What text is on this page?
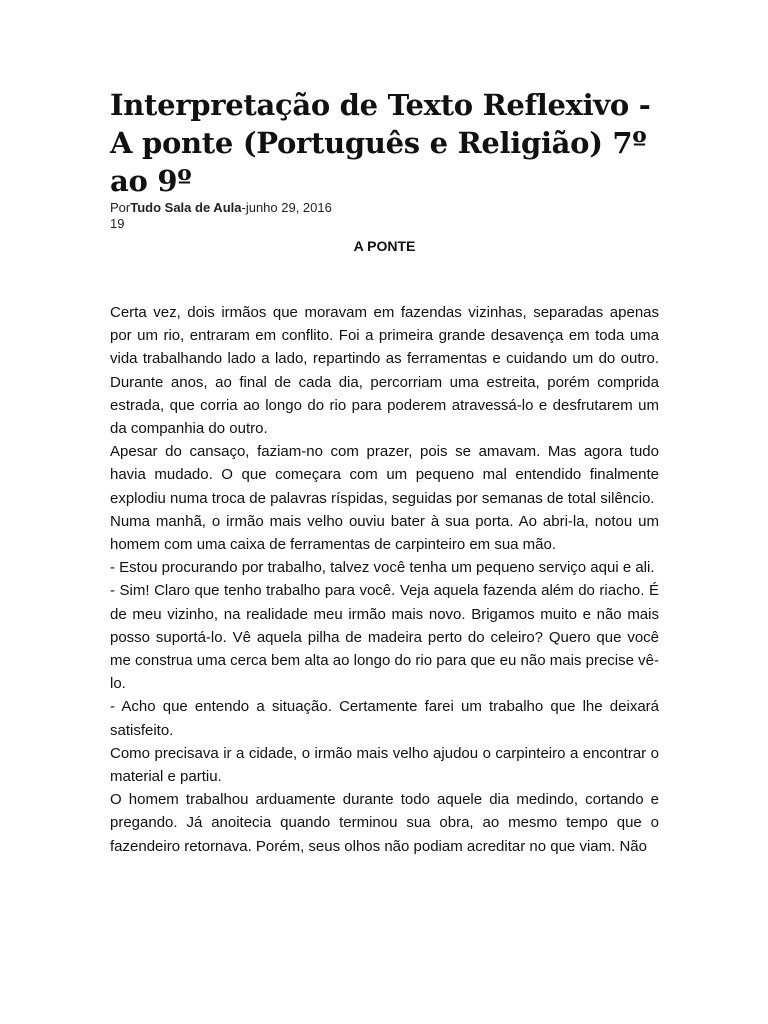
Interpretação de Texto Reflexivo - A ponte (Português e Religião) 7º ao 9º
PorTudo Sala de Aula-junho 29, 2016
19
A PONTE

Certa vez, dois irmãos que moravam em fazendas vizinhas, separadas apenas por um rio, entraram em conflito. Foi a primeira grande desavença em toda uma vida trabalhando lado a lado, repartindo as ferramentas e cuidando um do outro. Durante anos, ao final de cada dia, percorriam uma estreita, porém comprida estrada, que corria ao longo do rio para poderem atravessá-lo e desfrutarem um da companhia do outro.

Apesar do cansaço, faziam-no com prazer, pois se amavam. Mas agora tudo havia mudado. O que começara com um pequeno mal entendido finalmente explodiu numa troca de palavras ríspidas, seguidas por semanas de total silêncio.

Numa manhã, o irmão mais velho ouviu bater à sua porta. Ao abri-la, notou um homem com uma caixa de ferramentas de carpinteiro em sua mão.

- Estou procurando por trabalho, talvez você tenha um pequeno serviço aqui e ali.

- Sim! Claro que tenho trabalho para você. Veja aquela fazenda além do riacho. É de meu vizinho, na realidade meu irmão mais novo. Brigamos muito e não mais posso suportá-lo. Vê aquela pilha de madeira perto do celeiro? Quero que você me construa uma cerca bem alta ao longo do rio para que eu não mais precise vê-lo.

- Acho que entendo a situação. Certamente farei um trabalho que lhe deixará satisfeito.

Como precisava ir a cidade, o irmão mais velho ajudou o carpinteiro a encontrar o material e partiu.

O homem trabalhou arduamente durante todo aquele dia medindo, cortando e pregando. Já anoitecia quando terminou sua obra, ao mesmo tempo que o fazendeiro retornava. Porém, seus olhos não podiam acreditar no que viam. Não
